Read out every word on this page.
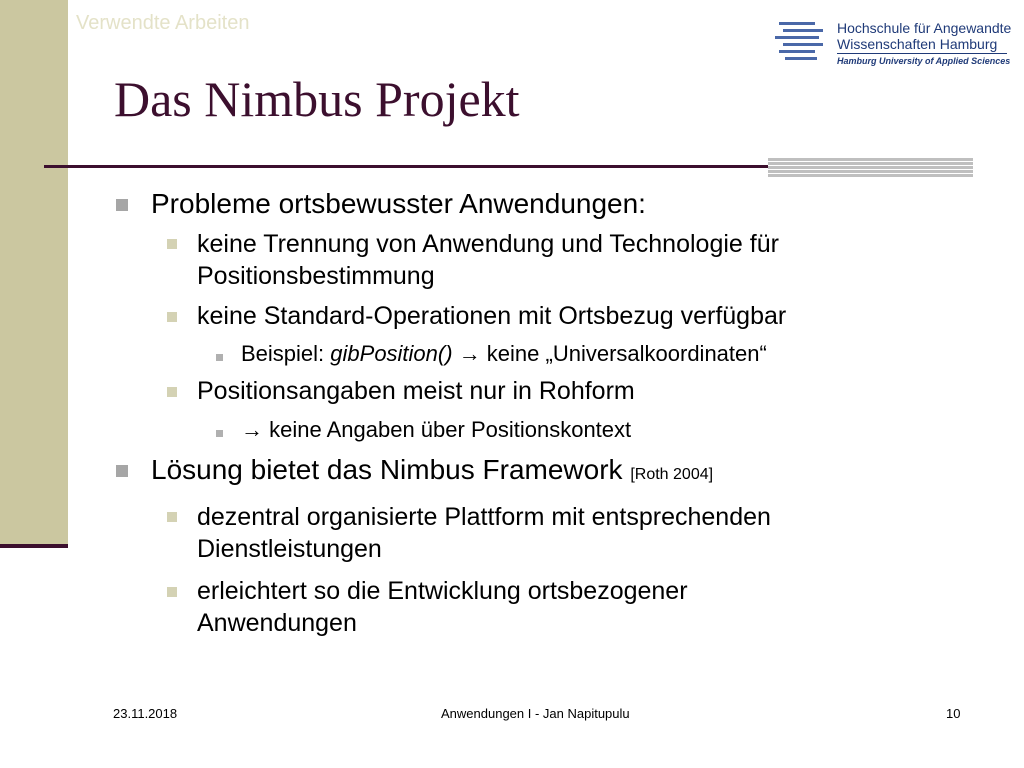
Verwendte Arbeiten	Hochschule für Angewandte
Wissenschaften Hamburg
Hamburg University of Applied Sciences
Das Nimbus Projekt
Probleme ortsbewusster Anwendungen:
keine Trennung von Anwendung und Technologie für
Positionsbestimmung
keine Standard-Operationen mit Ortsbezug verfügbar
Beispiel: gibPosition() → keine „Universalkoordinaten“
Positionsangaben meist nur in Rohform
→ keine Angaben über Positionskontext
Lösung bietet das Nimbus Framework [Roth 2004]
dezentral organisierte Plattform mit entsprechenden
Dienstleistungen
erleichtert so die Entwicklung ortsbezogener
Anwendungen
23.11.2018	Anwendungen I - Jan Napitupulu	10
